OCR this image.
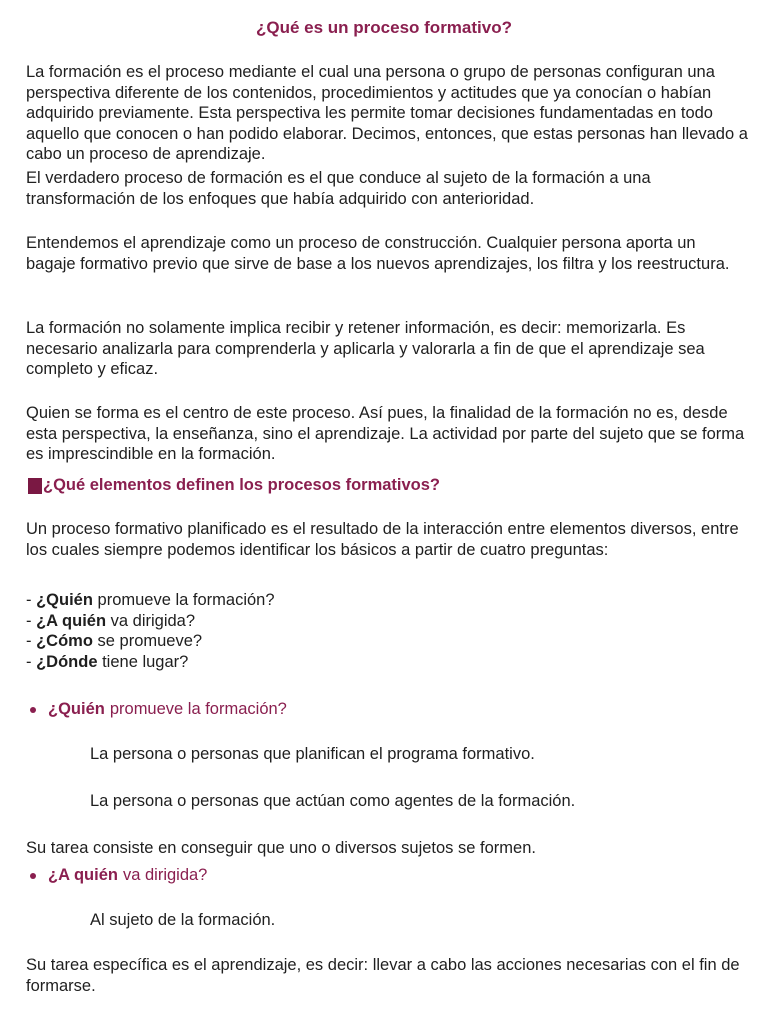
¿Qué es un proceso formativo?

La formación es el proceso mediante el cual una persona o grupo de personas configuran una perspectiva diferente de los contenidos, procedimientos y actitudes que ya conocían o habían adquirido previamente. Esta perspectiva les permite tomar decisiones fundamentadas en todo aquello que conocen o han podido elaborar. Decimos, entonces, que estas personas han llevado a cabo un proceso de aprendizaje.

El verdadero proceso de formación es el que conduce al sujeto de la formación a una transformación de los enfoques que había adquirido con anterioridad.

Entendemos el aprendizaje como un proceso de construcción. Cualquier persona aporta un bagaje formativo previo que sirve de base a los nuevos aprendizajes, los filtra y los reestructura.

La formación no solamente implica recibir y retener información, es decir: memorizarla. Es necesario analizarla para comprenderla y aplicarla y valorarla a fin de que el aprendizaje sea completo y eficaz.

Quien se forma es el centro de este proceso. Así pues, la finalidad de la formación no es, desde esta perspectiva, la enseñanza, sino el aprendizaje. La actividad por parte del sujeto que se forma es imprescindible en la formación.

¿Qué elementos definen los procesos formativos?

Un proceso formativo planificado es el resultado de la interacción entre elementos diversos, entre los cuales siempre podemos identificar los básicos a partir de cuatro preguntas:

- ¿Quién promueve la formación?
- ¿A quién va dirigida?
- ¿Cómo se promueve?
- ¿Dónde tiene lugar?
¿Quién promueve la formación?

La persona o personas que planifican el programa formativo.

La persona o personas que actúan como agentes de la formación.

Su tarea consiste en conseguir que uno o diversos sujetos se formen.

¿A quién va dirigida?

Al sujeto de la formación.

Su tarea específica es el aprendizaje, es decir: llevar a cabo las acciones necesarias con el fin de formarse.
